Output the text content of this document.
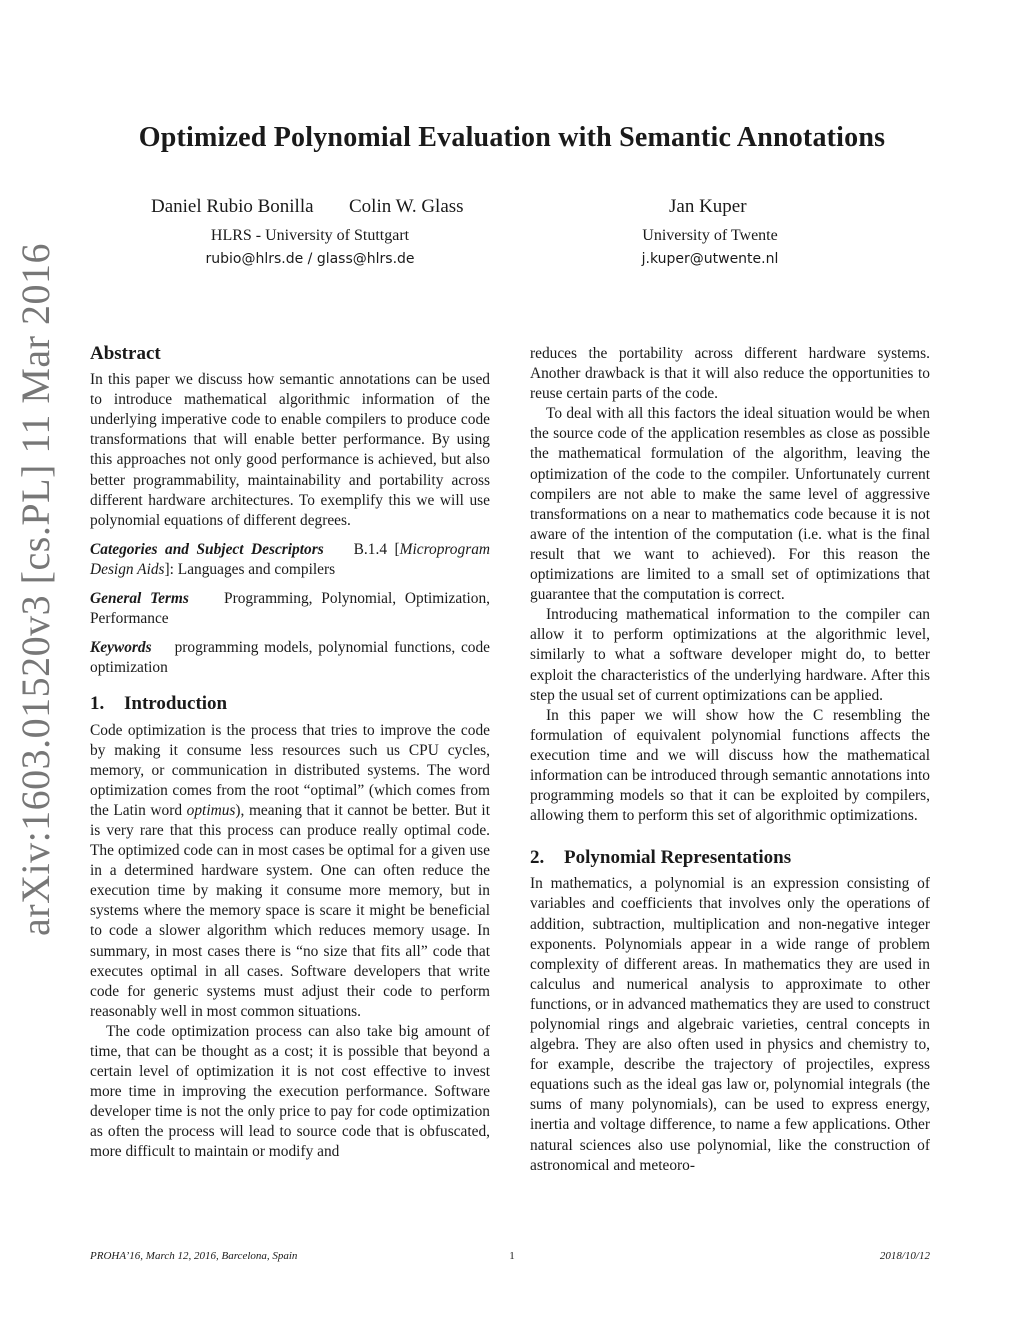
Optimized Polynomial Evaluation with Semantic Annotations
Daniel Rubio Bonilla Colin W. Glass	Jan Kuper
HLRS - University of Stuttgart
rubio@hlrs.de / glass@hlrs.de
University of Twente
j.kuper@utwente.nl
arXiv:1603.01520v3 [cs.PL] 11 Mar 2016	Abstract

In this paper we discuss how semantic annotations can be used to introduce mathematical algorithmic information of the underlying imperative code to enable compilers to produce code transformations that will enable better performance. By using this approaches not only good performance is achieved, but also better programmability, maintainability and portability across different hardware architectures. To exemplify this we will use polynomial equations of different degrees.

Categories and Subject Descriptors B.1.4 [Microprogram Design Aids]: Languages and compilers

General Terms Programming, Polynomial, Optimization, Performance

Keywords programming models, polynomial functions, code optimization

1. Introduction

Code optimization is the process that tries to improve the code by making it consume less resources such us CPU cycles, memory, or communication in distributed systems. The word optimization comes from the root “optimal” (which comes from the Latin word optimus), meaning that it cannot be better. But it is very rare that this process can produce really optimal code. The optimized code can in most cases be optimal for a given use in a determined hardware system. One can often reduce the execution time by making it consume more memory, but in systems where the memory space is scare it might be beneficial to code a slower algorithm which reduces memory usage. In summary, in most cases there is “no size that fits all” code that executes optimal in all cases. Software developers that write code for generic systems must adjust their code to perform reasonably well in most common situations.

The code optimization process can also take big amount of time, that can be thought as a cost; it is possible that beyond a certain level of optimization it is not cost effective to invest more time in improving the execution performance. Software developer time is not the only price to pay for code optimization as often the process will lead to source code that is obfuscated, more difficult to maintain or modify and

reduces the portability across different hardware systems. Another drawback is that it will also reduce the opportunities to reuse certain parts of the code.

To deal with all this factors the ideal situation would be when the source code of the application resembles as close as possible the mathematical formulation of the algorithm, leaving the optimization of the code to the compiler. Unfortunately current compilers are not able to make the same level of aggressive transformations on a near to mathematics code because it is not aware of the intention of the computation (i.e. what is the final result that we want to achieved). For this reason the optimizations are limited to a small set of optimizations that guarantee that the computation is correct.

Introducing mathematical information to the compiler can allow it to perform optimizations at the algorithmic level, similarly to what a software developer might do, to better exploit the characteristics of the underlying hardware. After this step the usual set of current optimizations can be applied.

In this paper we will show how the C resembling the formulation of equivalent polynomial functions affects the execution time and we will discuss how the mathematical information can be introduced through semantic annotations into programming models so that it can be exploited by compilers, allowing them to perform this set of algorithmic optimizations.

2. Polynomial Representations

In mathematics, a polynomial is an expression consisting of variables and coefficients that involves only the operations of addition, subtraction, multiplication and non-negative integer exponents. Polynomials appear in a wide range of problem complexity of different areas. In mathematics they are used in calculus and numerical analysis to approximate to other functions, or in advanced mathematics they are used to construct polynomial rings and algebraic varieties, central concepts in algebra. They are also often used in physics and chemistry to, for example, describe the trajectory of projectiles, express equations such as the ideal gas law or, polynomial integrals (the sums of many polynomials), can be used to express energy, inertia and voltage difference, to name a few applications. Other natural sciences also use polynomial, like the construction of astronomical and meteoro-

PROHA’16, March 12, 2016, Barcelona, Spain	1	2018/10/12
